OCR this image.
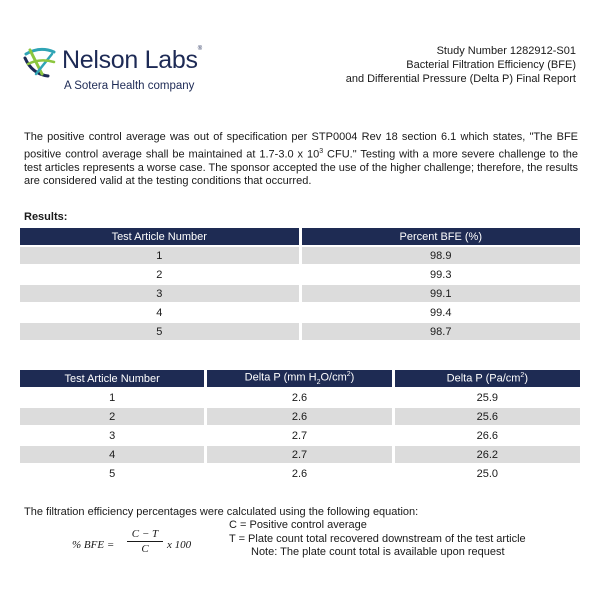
Nelson Labs®
A Sotera Health company
Study Number 1282912-S01
Bacterial Filtration Efficiency (BFE)
and Differential Pressure (Delta P) Final Report

The positive control average was out of specification per STP0004 Rev 18 section 6.1 which states, "The BFE positive control average shall be maintained at 1.7-3.0 x $10^3$ CFU." Testing with a more severe challenge to the test articles represents a worse case. The sponsor accepted the use of the higher challenge; therefore, the results are considered valid at the testing conditions that occurred.

Results:
Test Article Number	Percent BFE (%)
1	98.9
2	99.3
3	99.1
4	99.4
5	98.7
Test Article Number	Delta P (mm $H_2O/cm^2$)	Delta P $(Pa/cm^2)$
1	2.6	25.9
2	2.6	25.6
3	2.7	26.6
4	2.7	26.2
5	2.6	25.0
The filtration efficiency percentages were calculated using the following equation:
% BFE =
C − T
C	x 100
C = Positive control average
T = Plate count total recovered downstream of the test article
Note: The plate count total is available upon request
